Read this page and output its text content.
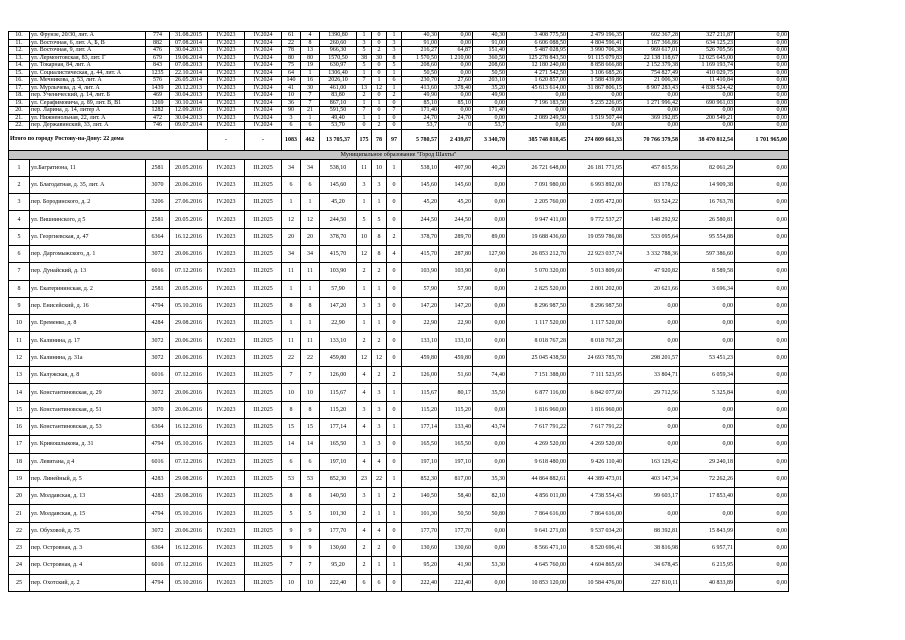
10.	ул. Фрунзе, 20/30, лит. А	774	31.08.2015	IV.2023	IV.2024	61	4	1390,80	1	0	1	40,30	0,00	40,30	3 408 775,50	2 479 196,35	602 367,28	327 211,87	0,00
11.	ул. Восточная, 6, лит. А, Б, В	882	07.08.2014	IV.2023	IV.2024	22	8	260,60	3	0	3	91,00	0,00	91,00	6 606 088,50	4 804 596,41	1 167 366,86	634 125,23	0,00
12.	ул. Восточная, 9, лит. А	476	30.04.2013	IV.2023	IV.2024	78	13	966,30	5	2	3	216,27	64,87	151,40	5 487 028,95	3 990 706,38	969 617,01	526 705,56	0,00
13.	ул. Лермонтовская, 83, лит. Г	679	19.06.2014	IV.2023	IV.2024	80	80	1570,50	38	30	8	1 570,50	1 210,00	360,50	125 278 843,50	91 115 079,83	22 138 118,67	12 025 645,00	0,00
14.	ул. Токарная, 84, лит. А	843	07.08.2013	IV.2023	IV.2024	75	19	630,97	5	0	5	208,60	0,00	208,60	12 180 240,00	8 858 666,88	2 152 379,38	1 169 193,74	0,00
15.	ул. Социалистическая, д. 44, лит. А	1235	22.10.2014	IV.2023	IV.2024	64	1	1306,40	1	0	1	50,50	0,00	50,50	4 271 542,50	3 106 685,26	754 827,49	410 029,75	0,00
16.	ул. Мечникова, д. 53, лит. А	576	26.05.2014	IV.2023	IV.2024	140	16	2026,10	7	1	6	230,70	27,60	203,10	1 620 857,00	1 588 439,86	21 006,30	11 410,84	0,00
17.	ул. Мурлычева, д. 4, лит. А	1439	20.12.2013	IV.2023	IV.2024	41	30	461,00	13	12	1	413,60	378,40	35,20	45 613 614,00	31 867 806,15	8 907 283,43	4 838 524,42	0,00
18.	пер. Ученический, д. 14, лит. Б	469	30.04.2013	IV.2023	IV.2024	10	7	83,80	2	0	2	49,90	0,00	49,90	0,00	0,00	0,00	0,00	0,00
19.	ул. Серафимовича, д. 89, лит. В, В1	1269	30.10.2014	IV.2023	IV.2024	36	7	867,10	1	1	0	85,10	85,10	0,00	7 196 183,50	5 235 226,05	1 271 996,42	690 961,03	0,00
20.	пер. Ларина, д. 14, литер А	1282	12.09.2016	IV.2023	IV.2024	90	21	591,50	7	0	7	171,40	0,00	171,40	0,00	0,00	0,00	0,00	0,00
21.	ул. Нижненольная, 22, лит. А	472	30.04.2013	IV.2023	IV.2024	3	1	49,40	1	1	0	24,70	24,70	0,00	2 089 249,50	1 519 507,44	369 192,85	200 549,21	0,00
22.	пер. Державинский, 33, лит. А	746	09.07.2014	IV.2023	IV.2024	6	6	53,70	0	2	0	53,7	0	53,7	0,00	0,00	0,00	0,00	0,00
Итого по городу Ростову-на-Дону: 22 дома				-	-	1083	462	13 705,37	175	78	97	5 780,57	2 439,87	3 340,70	385 748 818,45	274 809 661,33	70 766 379,58	38 470 812,54	1 701 965,00
Муниципальное образование "Город Шахты"																			
1	ул.Багратиона, 11	2581	20.05.2016	IV.2023	III.2025	34	34	538,10	11	10	1	538,10	497,90	40,20	26 721 648,00	26 181 771,95	457 815,56	82 061,29	0,00
2	ул. Благодатная, д. 35, лит. А	3070	20.06.2016	IV.2023	III.2025	6	6	145,60	3	3	0	145,60	145,60	0,00	7 091 980,00	6 993 892,00	83 178,62	14 909,38	0,00
3	пер. Бородинского, д. 2	3206	27.06.2016	IV.2023	III.2025	1	1	45,20	1	1	0	45,20	45,20	0,00	2 205 760,00	2 095 472,00	93 524,22	16 763,78	0,00
4	ул. Вишнинского, д 5	2581	20.05.2016	IV.2023	III.2025	12	12	244,50	5	5	0	244,50	244,50	0,00	9 947 411,00	9 772 537,27	148 292,92	26 580,81	0,00
5	ул. Георгиевская, д. 47	6364	16.12.2016	IV.2023	III.2025	20	20	378,70	10	8	2	378,70	289,70	89,00	19 688 436,60	19 059 786,08	533 095,64	95 554,88	0,00
6	пер. Даргомыжского, д. 1	3072	20.06.2016	IV.2023	III.2025	34	34	415,70	12	8	4	415,70	287,80	127,90	26 853 212,70	22 923 037,74	3 332 788,36	597 386,60	0,00
7	пер. Дунайский, д. 13	6016	07.12.2016	IV.2023	III.2025	11	11	103,90	2	2	0	103,90	103,90	0,00	5 070 320,00	5 013 809,60	47 920,82	8 589,58	0,00
8	ул. Екатерининская, д. 2	2581	20.05.2016	IV.2023	III.2025	1	1	57,90	1	1	0	57,90	57,90	0,00	2 825 520,00	2 801 202,00	20 621,66	3 696,34	0,00
9	пер. Енисейский, д. 16	4794	05.10.2016	IV.2023	III.2025	8	8	147,20	3	3	0	147,20	147,20	0,00	8 296 987,50	8 296 987,50	0,00	0,00	0,00
10	ул. Еременко, д. 8	4284	29.08.2016	IV.2023	III.2025	1	1	22,90	1	1	0	22,90	22,90	0,00	1 117 520,00	1 117 520,00	0,00	0,00	0,00
11	ул. Калинина, д. 17	3072	20.06.2016	IV.2023	III.2025	11	11	133,10	2	2	0	133,10	133,10	0,00	8 018 767,28	8 018 767,28	0,00	0,00	0,00
12	ул. Калинина, д. 31а	3072	20.06.2016	IV.2023	III.2025	22	22	459,80	12	12	0	459,80	459,80	0,00	25 045 438,50	24 693 785,70	298 201,57	53 451,23	0,00
13	ул. Калужская, д. 8	6016	07.12.2016	IV.2023	III.2025	7	7	126,00	4	2	2	126,00	51,60	74,40	7 151 388,00	7 111 523,95	33 804,71	6 059,34	0,00
14	ул. Константиновская, д. 29	3072	20.06.2016	IV.2023	III.2025	10	10	115,67	4	3	1	115,67	80,17	35,50	6 877 116,00	6 842 077,60	29 712,56	5 325,84	0,00
15	ул. Константиновская, д. 51	3070	20.06.2016	IV.2023	III.2025	8	8	115,20	3	3	0	115,20	115,20	0,00	1 816 960,00	1 816 960,00	0,00	0,00	0,00
16	ул. Константиновская, д. 53	6364	16.12.2016	IV.2023	III.2025	15	15	177,14	4	3	1	177,14	133,40	43,74	7 617 791,22	7 617 791,22	0,00	0,00	0,00
17	ул. Кривошлыкова, д. 31	4794	05.10.2016	IV.2023	III.2025	14	14	165,50	3	3	0	165,50	165,50	0,00	4 269 520,00	4 269 520,00	0,00	0,00	0,00
18	ул. Левитана, д 4	6016	07.12.2016	IV.2023	III.2025	6	6	197,10	4	4	0	197,10	197,10	0,00	9 618 480,00	9 426 110,40	163 129,42	29 240,18	0,00
19	пер. Линейный, д. 5	4283	29.08.2016	IV.2023	III.2025	53	53	852,30	23	22	1	852,30	817,00	35,30	44 864 882,61	44 389 473,01	403 147,34	72 262,26	0,00
20	ул. Молдавская, д. 13	4283	29.08.2016	IV.2023	III.2025	8	8	140,50	3	1	2	140,50	58,40	82,10	4 856 011,00	4 738 554,43	99 603,17	17 853,40	0,00
21	ул. Молдавская, д. 15	4794	05.10.2016	IV.2023	III.2025	5	5	101,30	2	1	1	101,30	50,50	50,80	7 864 616,00	7 864 616,00	0,00	0,00	0,00
22	ул. Обуховой, д. 75	3072	20.06.2016	IV.2023	III.2025	9	9	177,70	4	4	0	177,70	177,70	0,00	9 641 271,00	9 537 034,20	88 392,81	15 843,99	0,00
23	пер. Островная, д. 3	6364	16.12.2016	IV.2023	III.2025	9	9	130,60	2	2	0	130,60	130,60	0,00	8 566 471,10	8 520 696,41	38 816,98	6 957,71	0,00
24	пер. Островная, д. 4	6016	07.12.2016	IV.2023	III.2025	7	7	95,20	2	1	1	95,20	41,90	53,30	4 645 760,00	4 604 865,60	34 678,45	6 215,95	0,00
25	пер. Охотский, д. 2	4794	05.10.2016	IV.2023	III.2025	10	10	222,40	6	6	0	222,40	222,40	0,00	10 853 120,00	10 584 476,00	227 810,11	40 833,89	0,00
